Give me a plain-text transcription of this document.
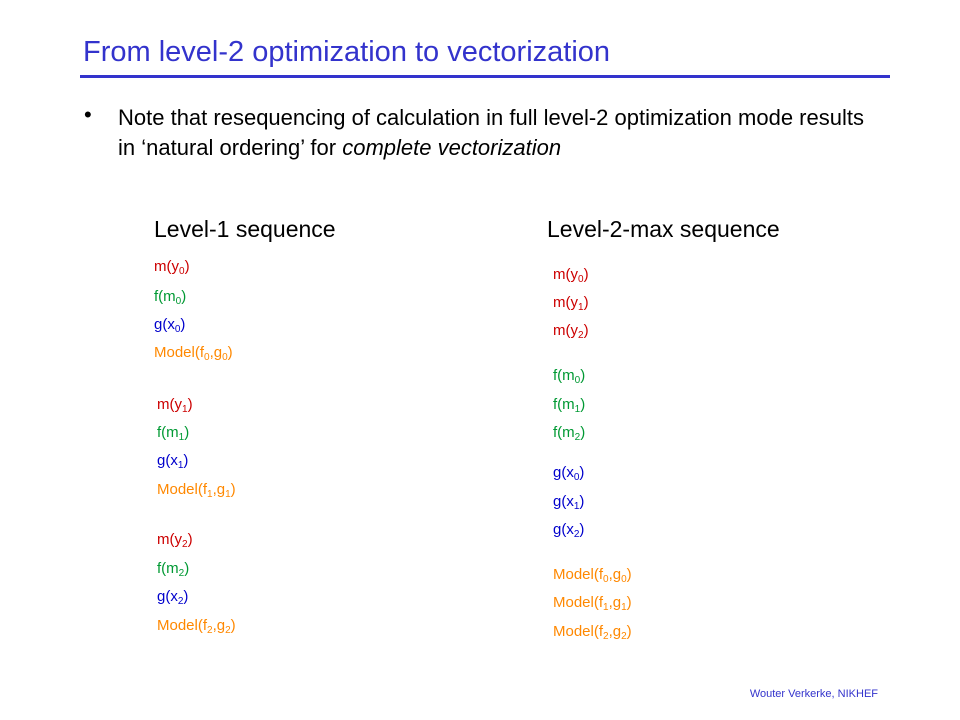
From level-2 optimization to vectorization
• Note that resequencing of calculation in full level-2 optimization mode results in ‘natural ordering’ for complete vectorization
Level-1 sequence	Level-2-max sequence
$m(y_0)$
$f(m_0)$
$g(x_0)$
$Model(f_0,g_0)$
$m(y_1)$
$f(m_1)$
$g(x_1)$
$Model(f_1,g_1)$
$m(y_2)$
$f(m_2)$
$g(x_2)$
$Model(f_2,g_2)$
$m(y_0)$
$m(y_1)$
$m(y_2)$
$f(m_0)$
$f(m_1)$
$f(m_2)$
$g(x_0)$
$g(x_1)$
$g(x_2)$
$Model(f_0,g_0)$
$Model(f_1,g_1)$
$Model(f_2,g_2)$
Wouter Verkerke, NIKHEF
